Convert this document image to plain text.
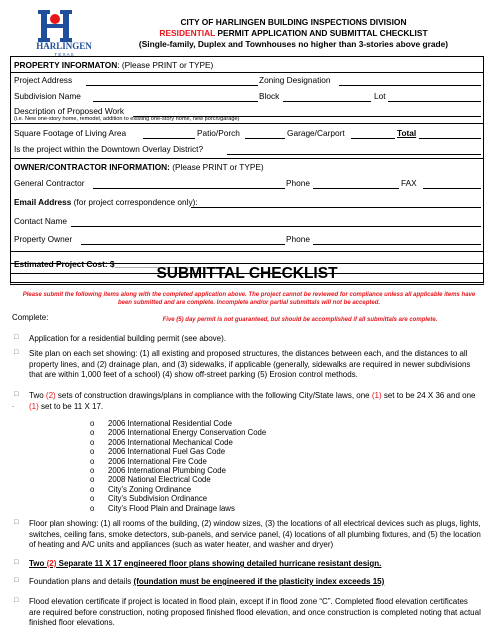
HARLINGEN
T E X A S
CITY OF HARLINGEN BUILDING INSPECTIONS DIVISION
RESIDENTIAL PERMIT APPLICATION AND SUBMITTAL CHECKLIST
(Single-family, Duplex and Townhouses no higher than 3-stories above grade)
PROPERTY INFORMATON: (Please PRINT or TYPE)
Project Address	Zoning Designation
Subdivision Name	Block	Lot
Description of Proposed Work
(i.e. New one-story home, remodel, addition to existing one-story home, new porch/garage)
Square Footage of Living Area	Patio/Porch	Garage/Carport	Total
Is the project within the Downtown Overlay District?
OWNER/CONTRACTOR INFORMATION: (Please PRINT or TYPE)
General Contractor	Phone	FAX
Email Address (for project correspondence only):
Contact Name
Property Owner	Phone
Estimated Project Cost: $______________________
SUBMITTAL CHECKLIST
Please submit the following items along with the completed application above. The project cannot be reviewed for compliance unless all applicable items have been submitted and are complete. Incomplete and/or partial submittals will not be accepted.
Complete:	Five (5) day permit is not guaranteed, but should be accomplished if all submittals are complete.
□ Application for a residential building permit (see above).
□ Site plan on each set showing: (1) all existing and proposed structures, the distances between each, and the distances to all property lines, and (2) drainage plan, and (3) sidewalks, if applicable (generally, sidewalks are required in newer subdivisions that are within 1,000 feet of a school) (4) show off-street parking (5) Erosion control methods.
□ Two (2) sets of construction drawings/plans in compliance with the following City/State laws, one (1) set to be 24 X 36 and one (1) set to be 11 X 17.
.
o 2006 International Residential Code
o 2006 International Energy Conservation Code
o 2006 International Mechanical Code
o 2006 International Fuel Gas Code
o 2006 International Fire Code
o 2006 International Plumbing Code
o 2008 National Electrical Code
o City’s Zoning Ordinance
o City’s Subdivision Ordinance
o City’s Flood Plain and Drainage laws
□ Floor plan showing: (1) all rooms of the building, (2) window sizes, (3) the locations of all electrical devices such as plugs, lights, switches, ceiling fans, smoke detectors, sub-panels, and service panel, (4) locations of all plumbing fixtures, and (5) the location of heating and A/C units and appliances (such as water heater, and washer and dryer)
□ Two (2) Separate 11 X 17 engineered floor plans showing detailed hurricane resistant design.
□ Foundation plans and details (foundation must be engineered if the plasticity index exceeds 15)
□ Flood elevation certificate if project is located in flood plain, except if in flood zone “C”. Completed flood elevation certificates are required before construction, noting proposed finished flood elevation, and once construction is completed noting that actual finished floor elevations.
